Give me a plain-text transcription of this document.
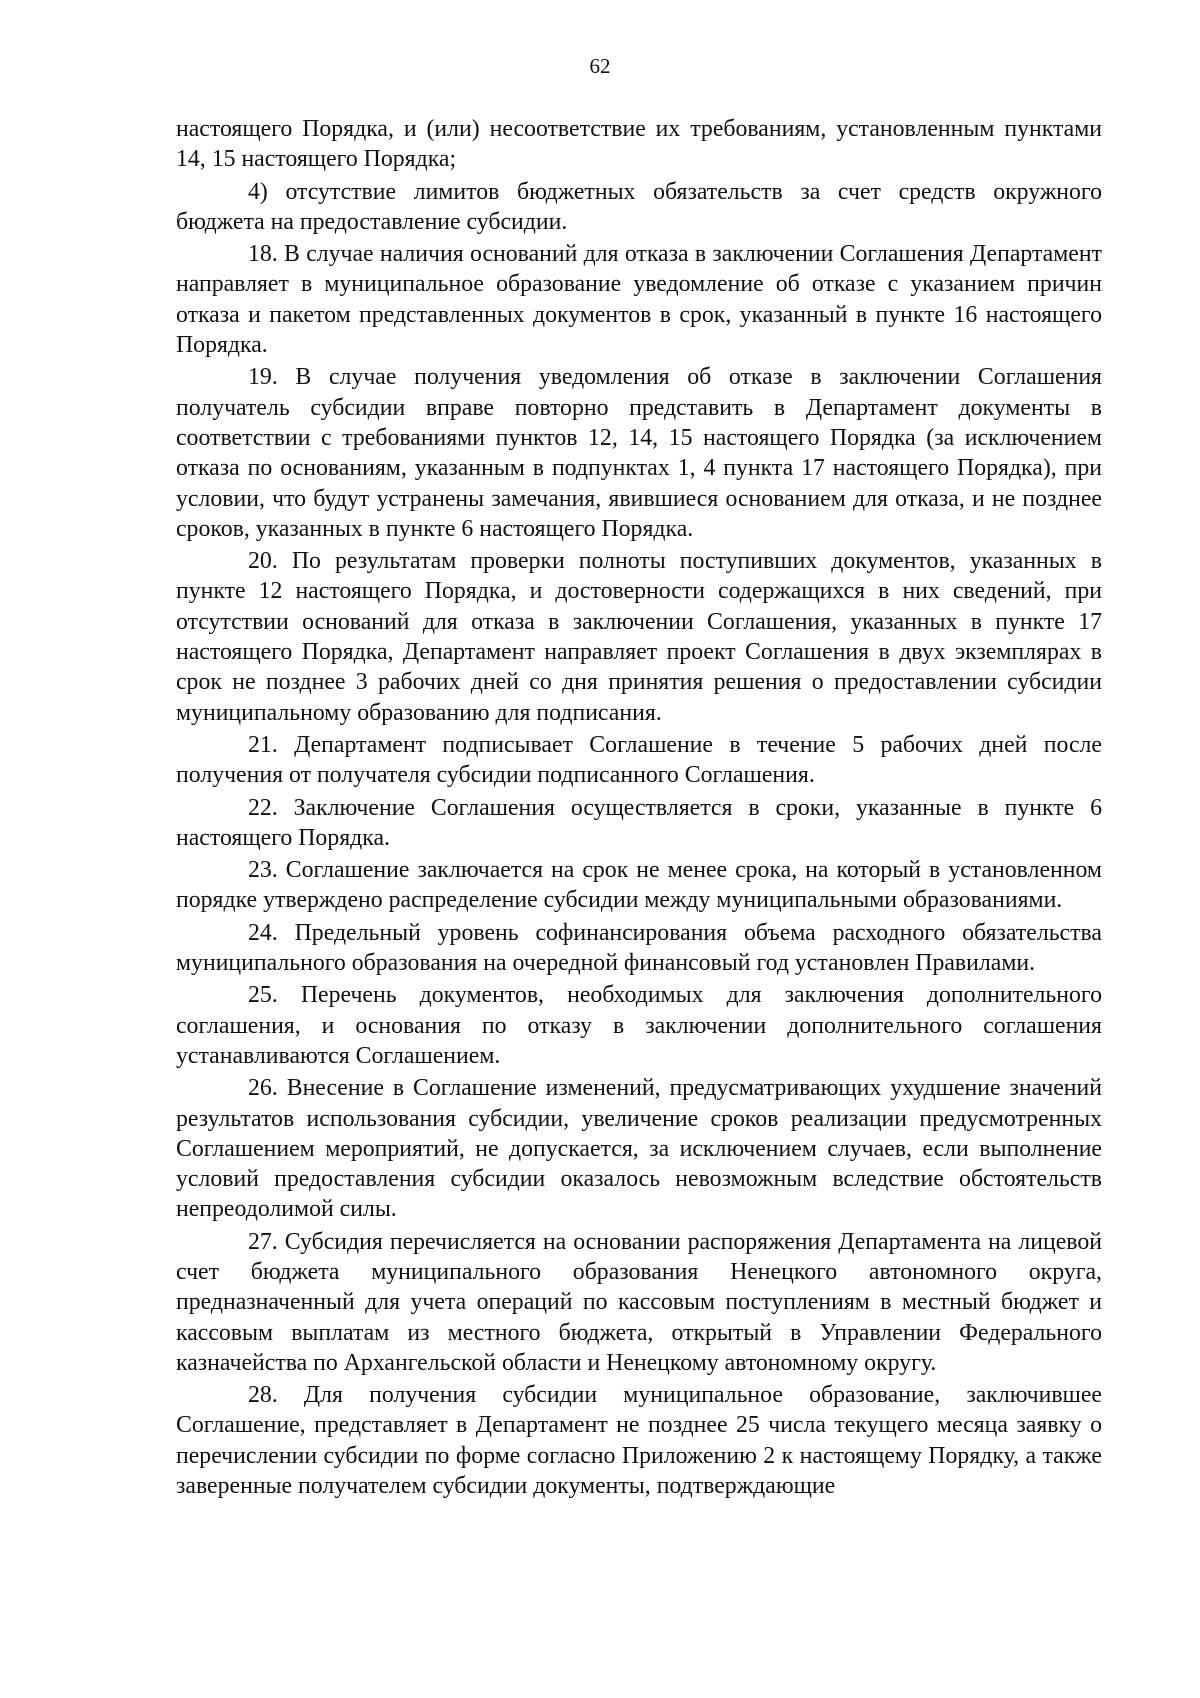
62

настоящего Порядка, и (или) несоответствие их требованиям, установленным пунктами 14, 15 настоящего Порядка;

4) отсутствие лимитов бюджетных обязательств за счет средств окружного бюджета на предоставление субсидии.

18. В случае наличия оснований для отказа в заключении Соглашения Департамент направляет в муниципальное образование уведомление об отказе с указанием причин отказа и пакетом представленных документов в срок, указанный в пункте 16 настоящего Порядка.

19. В случае получения уведомления об отказе в заключении Соглашения получатель субсидии вправе повторно представить в Департамент документы в соответствии с требованиями пунктов 12, 14, 15 настоящего Порядка (за исключением отказа по основаниям, указанным в подпунктах 1, 4 пункта 17 настоящего Порядка), при условии, что будут устранены замечания, явившиеся основанием для отказа, и не позднее сроков, указанных в пункте 6 настоящего Порядка.

20. По результатам проверки полноты поступивших документов, указанных в пункте 12 настоящего Порядка, и достоверности содержащихся в них сведений, при отсутствии оснований для отказа в заключении Соглашения, указанных в пункте 17 настоящего Порядка, Департамент направляет проект Соглашения в двух экземплярах в срок не позднее 3 рабочих дней со дня принятия решения о предоставлении субсидии муниципальному образованию для подписания.

21. Департамент подписывает Соглашение в течение 5 рабочих дней после получения от получателя субсидии подписанного Соглашения.

22. Заключение Соглашения осуществляется в сроки, указанные в пункте 6 настоящего Порядка.

23. Соглашение заключается на срок не менее срока, на который в установленном порядке утверждено распределение субсидии между муниципальными образованиями.

24. Предельный уровень софинансирования объема расходного обязательства муниципального образования на очередной финансовый год установлен Правилами.

25. Перечень документов, необходимых для заключения дополнительного соглашения, и основания по отказу в заключении дополнительного соглашения устанавливаются Соглашением.

26. Внесение в Соглашение изменений, предусматривающих ухудшение значений результатов использования субсидии, увеличение сроков реализации предусмотренных Соглашением мероприятий, не допускается, за исключением случаев, если выполнение условий предоставления субсидии оказалось невозможным вследствие обстоятельств непреодолимой силы.

27. Субсидия перечисляется на основании распоряжения Департамента на лицевой счет бюджета муниципального образования Ненецкого автономного округа, предназначенный для учета операций по кассовым поступлениям в местный бюджет и кассовым выплатам из местного бюджета, открытый в Управлении Федерального казначейства по Архангельской области и Ненецкому автономному округу.

28. Для получения субсидии муниципальное образование, заключившее Соглашение, представляет в Департамент не позднее 25 числа текущего месяца заявку о перечислении субсидии по форме согласно Приложению 2 к настоящему Порядку, а также заверенные получателем субсидии документы, подтверждающие
